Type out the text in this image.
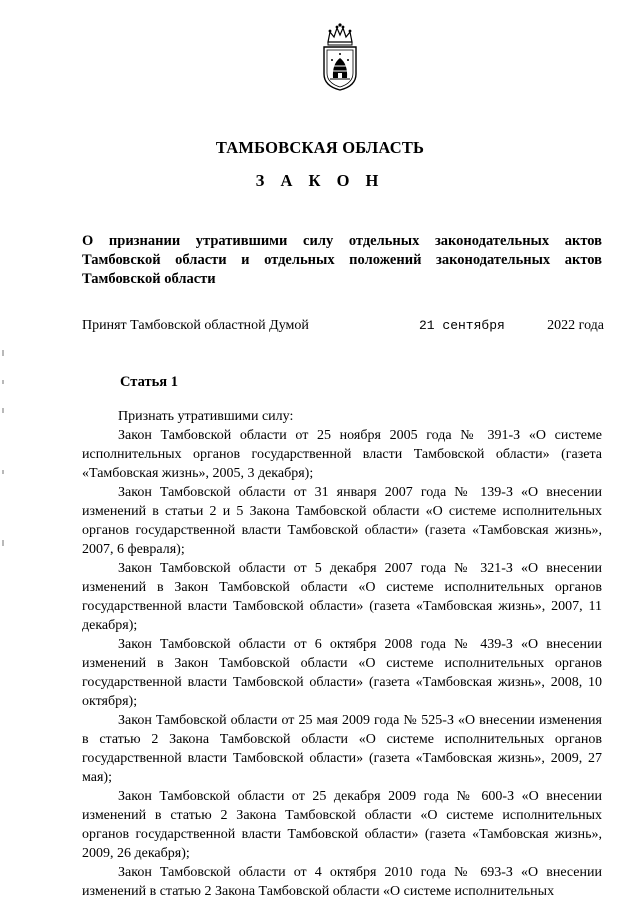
ТАМБОВСКАЯ ОБЛАСТЬ
З А К О Н
О признании утратившими силу отдельных законодательных актов Тамбовской области и отдельных положений законодательных актов Тамбовской области
Принят Тамбовской областной Думой	21 сентября	2022 года
Статья 1

Признать утратившими силу:

Закон Тамбовской области от 25 ноября 2005 года № 391-З «О системе исполнительных органов государственной власти Тамбовской области» (газета «Тамбовская жизнь», 2005, 3 декабря);

Закон Тамбовской области от 31 января 2007 года № 139-З «О внесении изменений в статьи 2 и 5 Закона Тамбовской области «О системе исполнительных органов государственной власти Тамбовской области» (газета «Тамбовская жизнь», 2007, 6 февраля);

Закон Тамбовской области от 5 декабря 2007 года № 321-З «О внесении изменений в Закон Тамбовской области «О системе исполнительных органов государственной власти Тамбовской области» (газета «Тамбовская жизнь», 2007, 11 декабря);

Закон Тамбовской области от 6 октября 2008 года № 439-З «О внесении изменений в Закон Тамбовской области «О системе исполнительных органов государственной власти Тамбовской области» (газета «Тамбовская жизнь», 2008, 10 октября);

Закон Тамбовской области от 25 мая 2009 года № 525-З «О внесении изменения в статью 2 Закона Тамбовской области «О системе исполнительных органов государственной власти Тамбовской области» (газета «Тамбовская жизнь», 2009, 27 мая);

Закон Тамбовской области от 25 декабря 2009 года № 600-З «О внесении изменений в статью 2 Закона Тамбовской области «О системе исполнительных органов государственной власти Тамбовской области» (газета «Тамбовская жизнь», 2009, 26 декабря);

Закон Тамбовской области от 4 октября 2010 года № 693-З «О внесении изменений в статью 2 Закона Тамбовской области «О системе исполнительных
